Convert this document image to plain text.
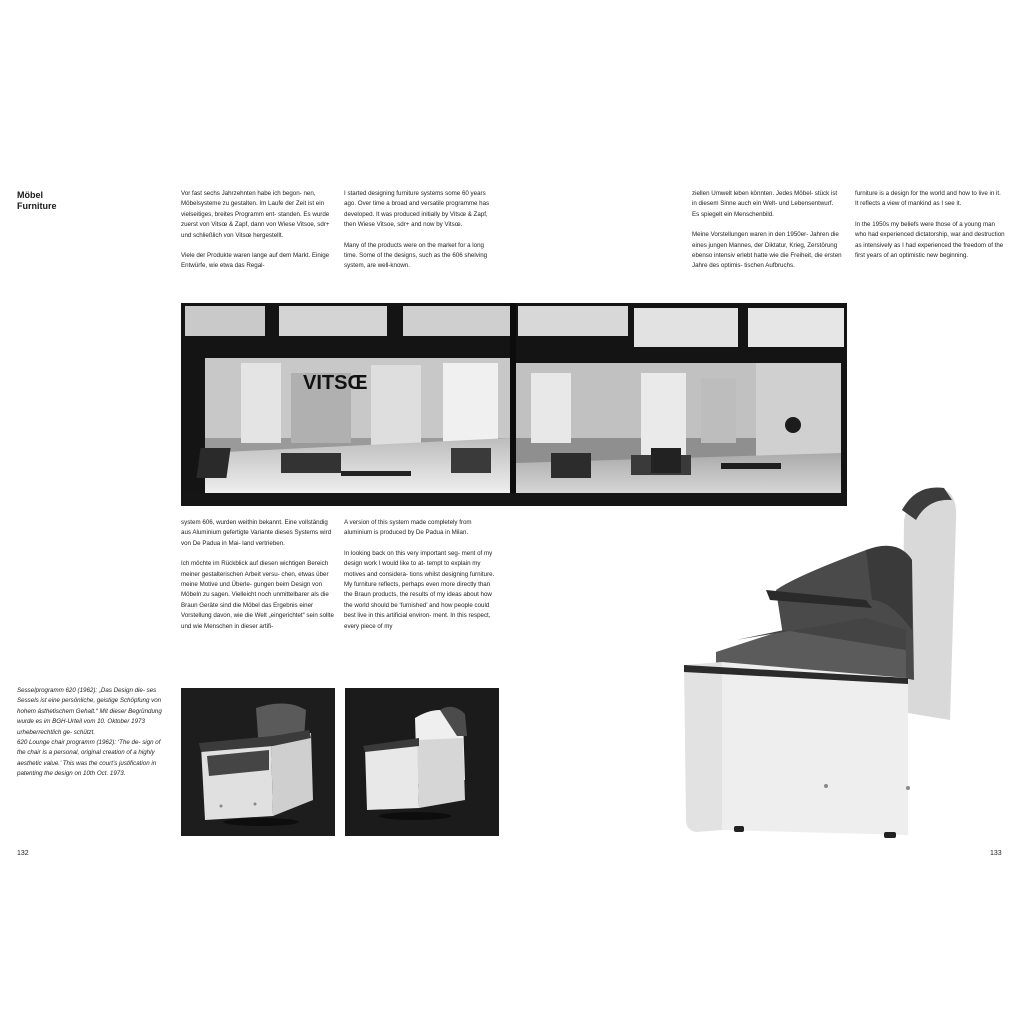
Möbel
Furniture

Vor fast sechs Jahrzehnten habe ich begon- nen, Möbelsysteme zu gestalten. Im Laufe der Zeit ist ein vielseitiges, breites Programm ent- standen. Es wurde zuerst von Vitsœ & Zapf, dann von Wiese Vitsoe, sdr+ und schließlich von Vitsœ hergestellt.

Viele der Produkte waren lange auf dem Markt. Einige Entwürfe, wie etwa das Regal-

I started designing furniture systems some 60 years ago. Over time a broad and versatile programme has developed. It was produced initially by Vitsœ & Zapf, then Wiese Vitsoe, sdr+ and now by Vitsœ.

Many of the products were on the market for a long time. Some of the designs, such as the 606 shelving system, are well-known.

ziellen Umwelt leben könnten. Jedes Möbel- stück ist in diesem Sinne auch ein Welt- und Lebensentwurf. Es spiegelt ein Menschenbild.

Meine Vorstellungen waren in den 1950er- Jahren die eines jungen Mannes, der Diktatur, Krieg, Zerstörung ebenso intensiv erlebt hatte wie die Freiheit, die ersten Jahre des optimis- tischen Aufbruchs.

furniture is a design for the world and how to live in it. It reflects a view of mankind as I see it.

In the 1950s my beliefs were those of a young man who had experienced dictatorship, war and destruction as intensively as I had experienced the freedom of the first years of an optimistic new beginning.

VITSŒ

system 606, wurden weithin bekannt. Eine vollständig aus Aluminium gefertigte Variante dieses Systems wird von De Padua in Mai- land vertrieben.

Ich möchte im Rückblick auf diesen wichtigen Bereich meiner gestalterischen Arbeit versu- chen, etwas über meine Motive und Überle- gungen beim Design von Möbeln zu sagen. Vielleicht noch unmittelbarer als die Braun Geräte sind die Möbel das Ergebnis einer Vorstellung davon, wie die Welt „eingerichtet“ sein sollte und wie Menschen in dieser artifi-

A version of this system made completely from aluminium is produced by De Padua in Milan.

In looking back on this very important seg- ment of my design work I would like to at- tempt to explain my motives and considera- tions whilst designing furniture. My furniture reflects, perhaps even more directly than the Braun products, the results of my ideas about how the world should be ‘furnished’ and how people could best live in this artificial environ- ment. In this respect, every piece of my

Sesselprogramm 620 (1962): „Das Design die- ses Sessels ist eine persönliche, geistige Schöpfung von hohem ästhetischem Gehalt.“ Mit dieser Begründung wurde es im BGH-Urteil vom 10. Oktober 1973 urheberrechtlich ge- schützt.

620 Lounge chair programm (1962): ‘The de- sign of the chair is a personal, original creation of a highly aesthetic value.’ This was the court’s justification in patenting the design on 10th Oct. 1973.

132	133
